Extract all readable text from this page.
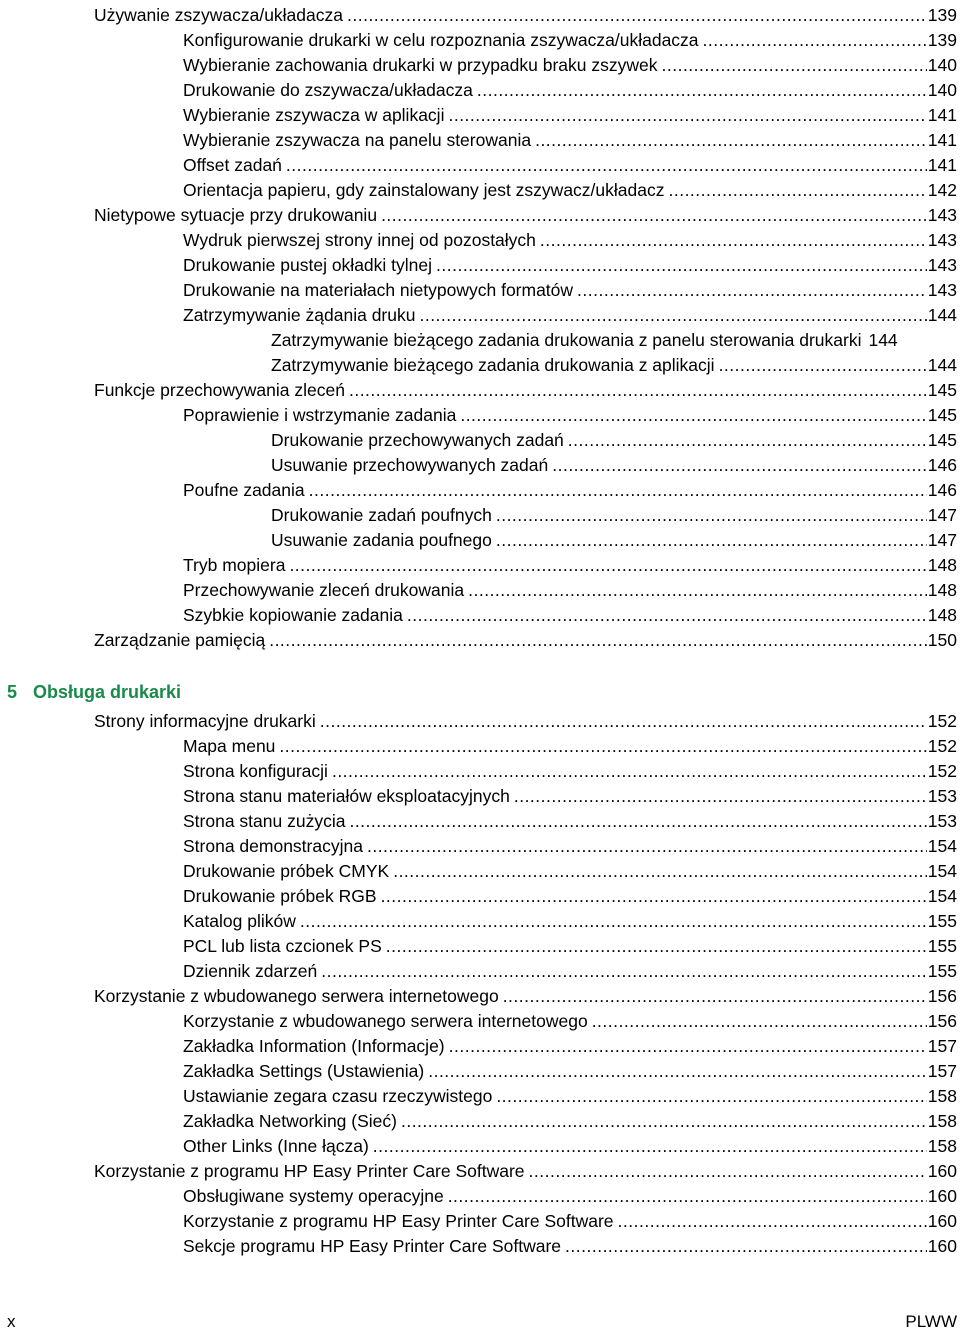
Używanie zszywacza/układacza .....	139
Konfigurowanie drukarki w celu rozpoznania zszywacza/układacza .....	139
Wybieranie zachowania drukarki w przypadku braku zszywek .....	140
Drukowanie do zszywacza/układacza .....	140
Wybieranie zszywacza w aplikacji .....	141
Wybieranie zszywacza na panelu sterowania .....	141
Offset zadań .....	141
Orientacja papieru, gdy zainstalowany jest zszywacz/układacz .....	142
Nietypowe sytuacje przy drukowaniu .....	143
Wydruk pierwszej strony innej od pozostałych .....	143
Drukowanie pustej okładki tylnej .....	143
Drukowanie na materiałach nietypowych formatów .....	143
Zatrzymywanie żądania druku .....	144
Zatrzymywanie bieżącego zadania drukowania z panelu sterowania drukarki 144
Zatrzymywanie bieżącego zadania drukowania z aplikacji .....	144
Funkcje przechowywania zleceń .....	145
Poprawienie i wstrzymanie zadania .....	145
Drukowanie przechowywanych zadań .....	145
Usuwanie przechowywanych zadań .....	146
Poufne zadania .....	146
Drukowanie zadań poufnych .....	147
Usuwanie zadania poufnego .....	147
Tryb mopiera .....	148
Przechowywanie zleceń drukowania .....	148
Szybkie kopiowanie zadania .....	148
Zarządzanie pamięcią .....	150
5 Obsługa drukarki
Strony informacyjne drukarki .....	152
Mapa menu .....	152
Strona konfiguracji .....	152
Strona stanu materiałów eksploatacyjnych .....	153
Strona stanu zużycia .....	153
Strona demonstracyjna .....	154
Drukowanie próbek CMYK .....	154
Drukowanie próbek RGB .....	154
Katalog plików .....	155
PCL lub lista czcionek PS .....	155
Dziennik zdarzeń .....	155
Korzystanie z wbudowanego serwera internetowego .....	156
Korzystanie z wbudowanego serwera internetowego .....	156
Zakładka Information (Informacje) .....	157
Zakładka Settings (Ustawienia) .....	157
Ustawianie zegara czasu rzeczywistego .....	158
Zakładka Networking (Sieć) .....	158
Other Links (Inne łącza) .....	158
Korzystanie z programu HP Easy Printer Care Software .....	160
Obsługiwane systemy operacyjne .....	160
Korzystanie z programu HP Easy Printer Care Software .....	160
Sekcje programu HP Easy Printer Care Software .....	160
x	PLWW
